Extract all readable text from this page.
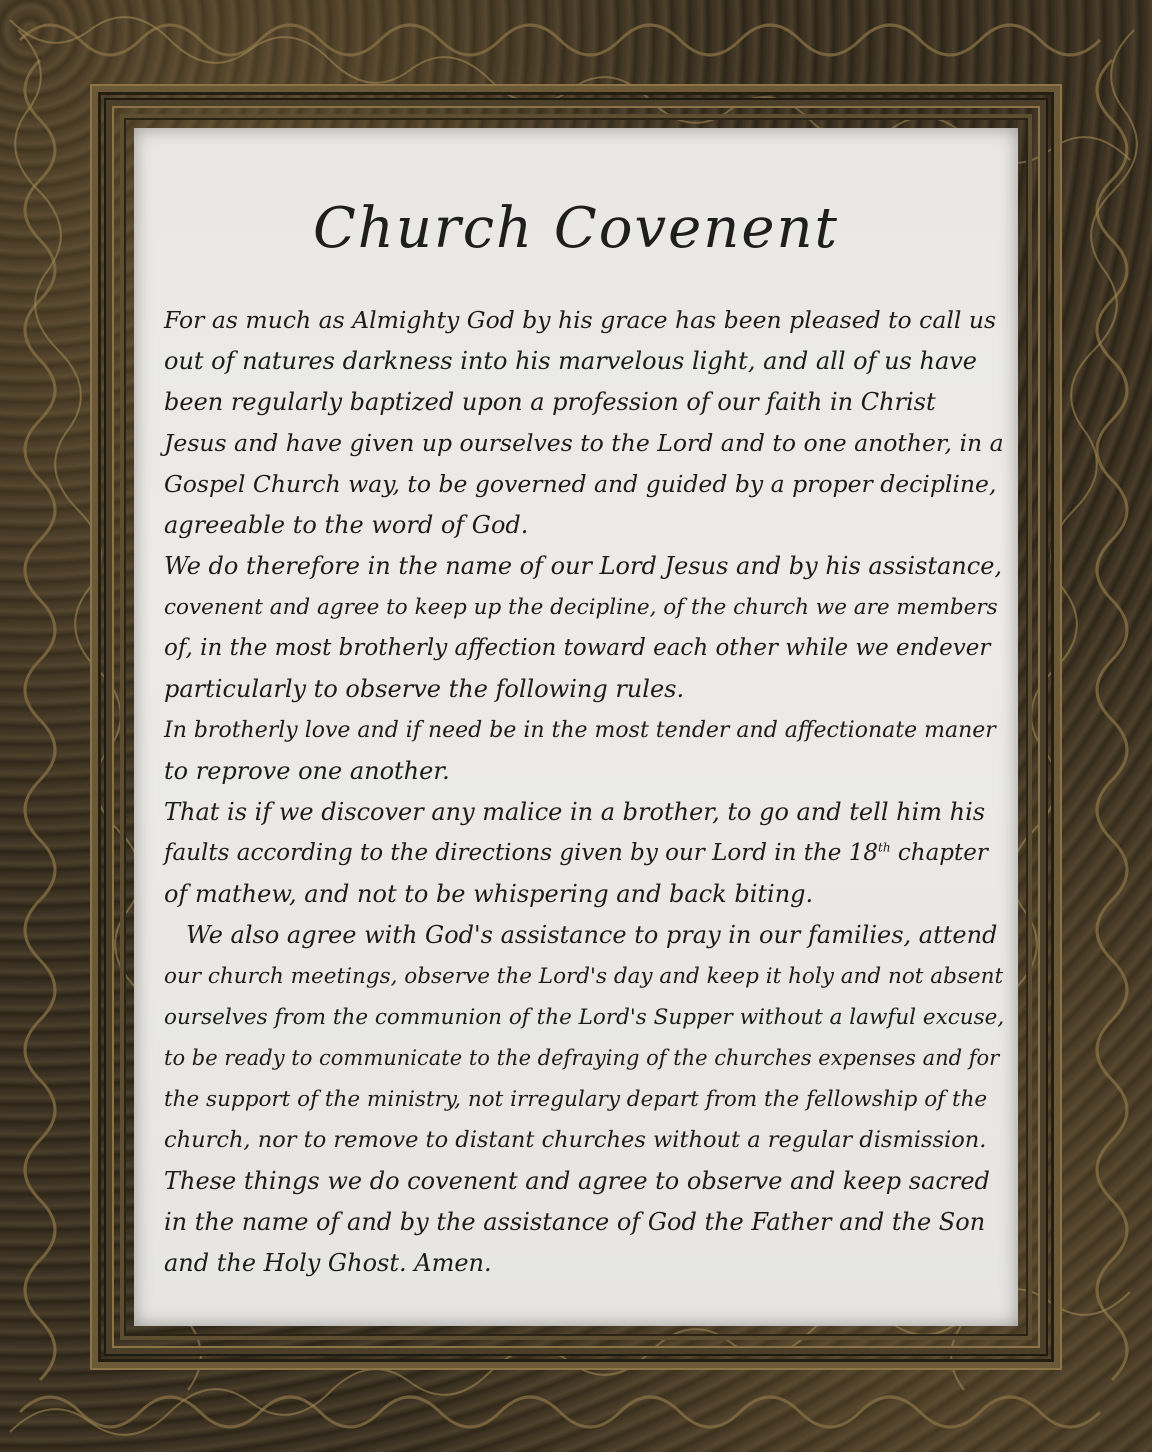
Church Covenent
For as much as Almighty God by his grace has been pleased to call us
out of natures darkness into his marvelous light, and all of us have
been regularly baptized upon a profession of our faith in Christ
Jesus and have given up ourselves to the Lord and to one another, in a
Gospel Church way, to be governed and guided by a proper decipline,
agreeable to the word of God.
We do therefore in the name of our Lord Jesus and by his assistance,
covenent and agree to keep up the decipline, of the church we are members
of, in the most brotherly affection toward each other while we endever
particularly to observe the following rules.
In brotherly love and if need be in the most tender and affectionate maner
to reprove one another.
That is if we discover any malice in a brother, to go and tell him his
faults according to the directions given by our Lord in the 18th chapter
of mathew, and not to be whispering and back biting.
We also agree with God's assistance to pray in our families, attend
our church meetings, observe the Lord's day and keep it holy and not absent
ourselves from the communion of the Lord's Supper without a lawful excuse,
to be ready to communicate to the defraying of the churches expenses and for
the support of the ministry, not irregulary depart from the fellowship of the
church, nor to remove to distant churches without a regular dismission.
These things we do covenent and agree to observe and keep sacred
in the name of and by the assistance of God the Father and the Son
and the Holy Ghost. Amen.
